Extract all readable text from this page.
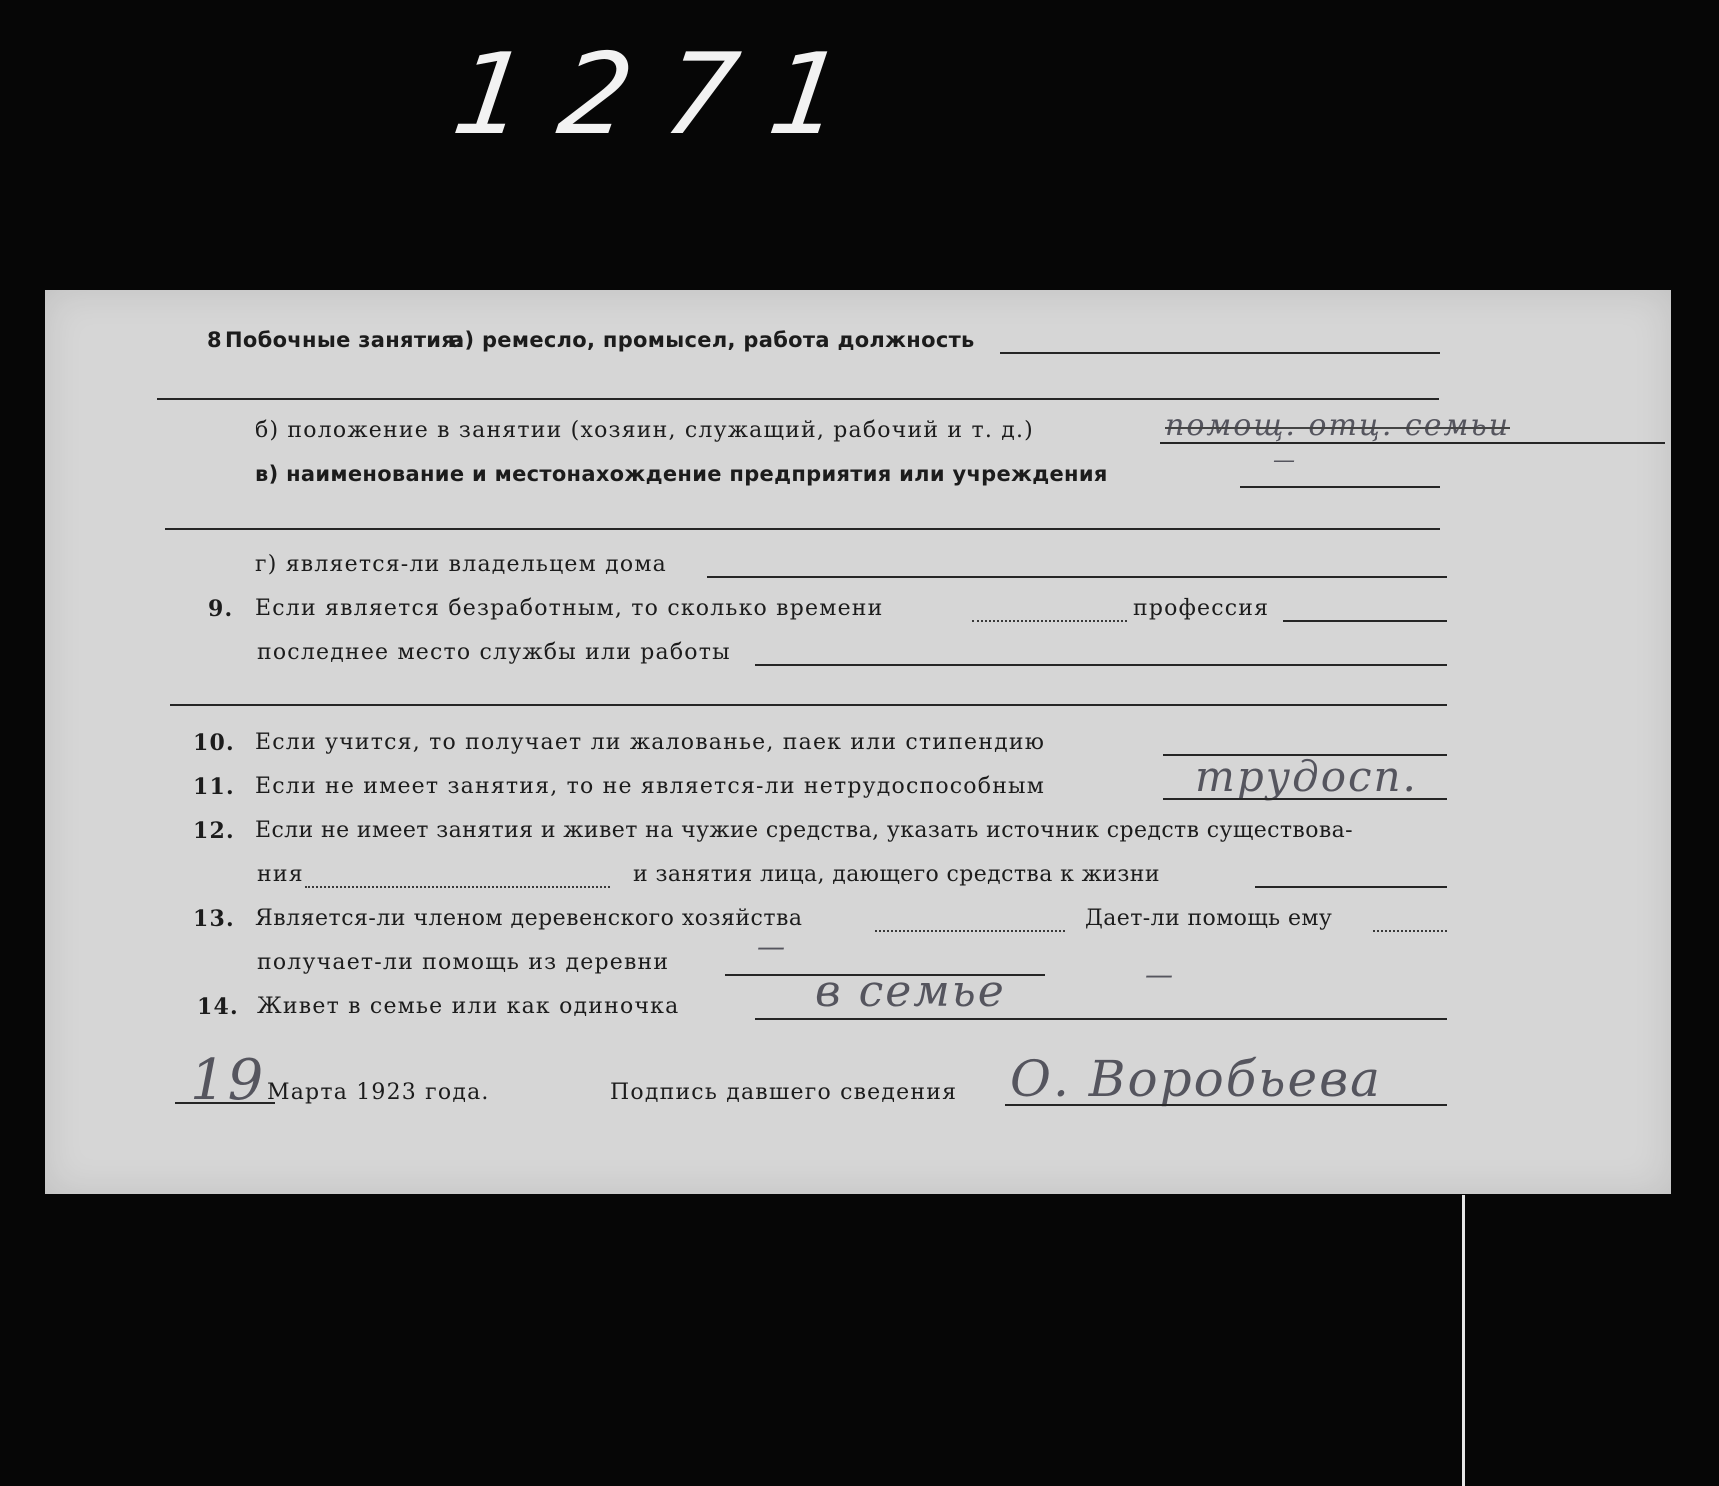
1271
8 Побочные занятия:
а) ремесло, промысел, работа должность
б) положение в занятии (хозяин, служащий, рабочий и т. д.)	помощ. отц. семьи
в) наименование и местонахождение предприятия или учреждения
—
г) является-ли владельцем дома
9. Если является безработным, то сколько времени	профессия
последнее место службы или работы
10. Если учится, то получает ли жалованье, паек или стипендию
11. Если не имеет занятия, то не является-ли нетрудоспособным	трудосп.
12. Если не имеет занятия и живет на чужие средства, указать источник средств существова-
ния	и занятия лица, дающего средства к жизни
13. Является-ли членом деревенского хозяйства	Дает-ли помощь ему
получает-ли помощь из деревни	—
14. Живет в семье или как одиночка	в семье	—
19 Марта 1923 года.	Подпись давшего сведения О. Воробьева
